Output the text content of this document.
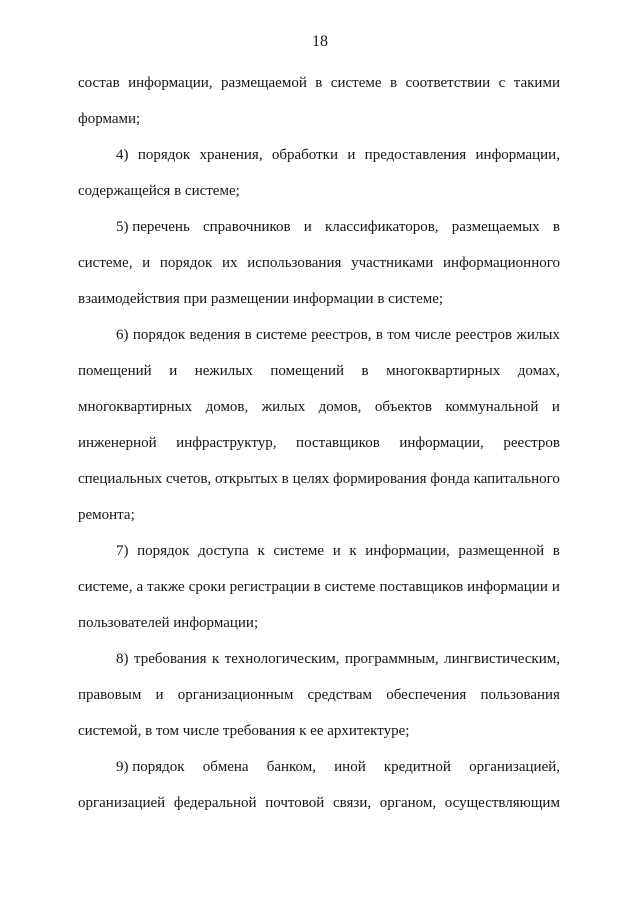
18
состав информации, размещаемой в системе в соответствии с такими
формами;
4) порядок хранения, обработки и предоставления информации,
содержащейся в системе;
5) перечень справочников и классификаторов, размещаемых в
системе, и порядок их использования участниками информационного
взаимодействия при размещении информации в системе;
6) порядок ведения в системе реестров, в том числе реестров жилых
помещений и нежилых помещений в многоквартирных домах,
многоквартирных домов, жилых домов, объектов коммунальной и
инженерной инфраструктур, поставщиков информации, реестров
специальных счетов, открытых в целях формирования фонда капитального
ремонта;
7) порядок доступа к системе и к информации, размещенной в
системе, а также сроки регистрации в системе поставщиков информации и
пользователей информации;
8) требования к технологическим, программным, лингвистическим,
правовым и организационным средствам обеспечения пользования
системой, в том числе требования к ее архитектуре;
9) порядок обмена банком, иной кредитной организацией,
организацией федеральной почтовой связи, органом, осуществляющим
